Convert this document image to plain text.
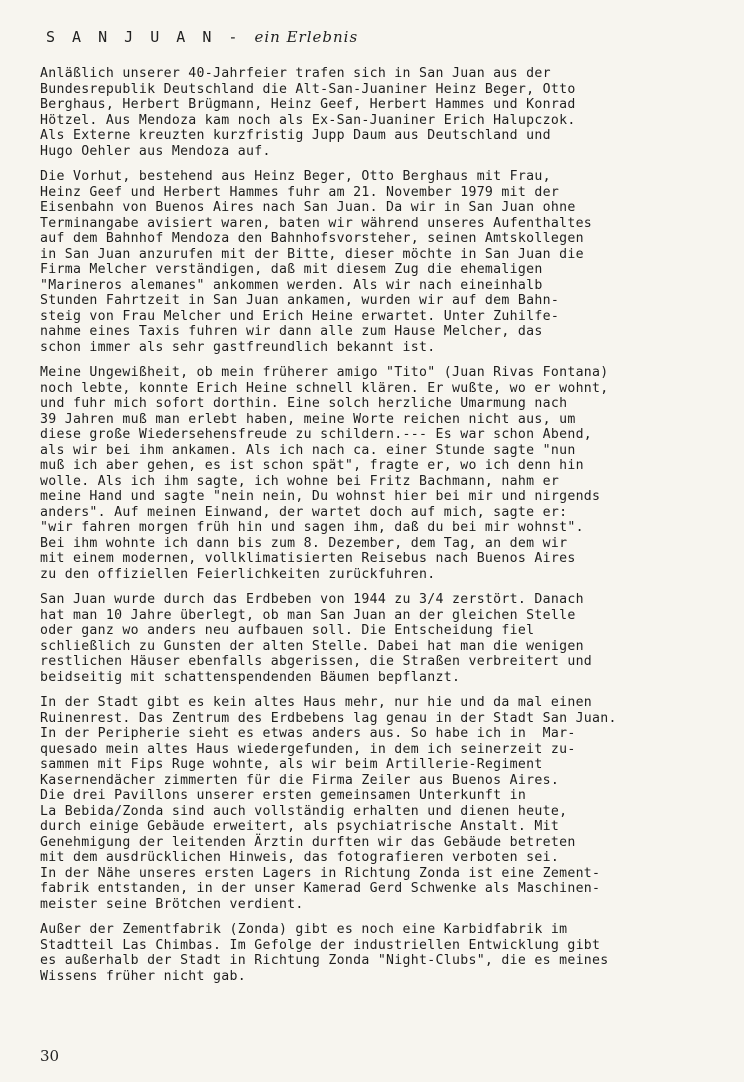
S A N J U A N - ein Erlebnis
Anläßlich unserer 40-Jahrfeier trafen sich in San Juan aus der
Bundesrepublik Deutschland die Alt-San-Juaniner Heinz Beger, Otto
Berghaus, Herbert Brügmann, Heinz Geef, Herbert Hammes und Konrad
Hötzel. Aus Mendoza kam noch als Ex-San-Juaniner Erich Halupczok.
Als Externe kreuzten kurzfristig Jupp Daum aus Deutschland und
Hugo Oehler aus Mendoza auf.
Die Vorhut, bestehend aus Heinz Beger, Otto Berghaus mit Frau,
Heinz Geef und Herbert Hammes fuhr am 21. November 1979 mit der
Eisenbahn von Buenos Aires nach San Juan. Da wir in San Juan ohne
Terminangabe avisiert waren, baten wir während unseres Aufenthaltes
auf dem Bahnhof Mendoza den Bahnhofsvorsteher, seinen Amtskollegen
in San Juan anzurufen mit der Bitte, dieser möchte in San Juan die
Firma Melcher verständigen, daß mit diesem Zug die ehemaligen
"Marineros alemanes" ankommen werden. Als wir nach eineinhalb
Stunden Fahrtzeit in San Juan ankamen, wurden wir auf dem Bahn-
steig von Frau Melcher und Erich Heine erwartet. Unter Zuhilfe-
nahme eines Taxis fuhren wir dann alle zum Hause Melcher, das
schon immer als sehr gastfreundlich bekannt ist.
Meine Ungewißheit, ob mein früherer amigo "Tito" (Juan Rivas Fontana)
noch lebte, konnte Erich Heine schnell klären. Er wußte, wo er wohnt,
und fuhr mich sofort dorthin. Eine solch herzliche Umarmung nach
39 Jahren muß man erlebt haben, meine Worte reichen nicht aus, um
diese große Wiedersehensfreude zu schildern.--- Es war schon Abend,
als wir bei ihm ankamen. Als ich nach ca. einer Stunde sagte "nun
muß ich aber gehen, es ist schon spät", fragte er, wo ich denn hin
wolle. Als ich ihm sagte, ich wohne bei Fritz Bachmann, nahm er
meine Hand und sagte "nein nein, Du wohnst hier bei mir und nirgends
anders". Auf meinen Einwand, der wartet doch auf mich, sagte er:
"wir fahren morgen früh hin und sagen ihm, daß du bei mir wohnst".
Bei ihm wohnte ich dann bis zum 8. Dezember, dem Tag, an dem wir
mit einem modernen, vollklimatisierten Reisebus nach Buenos Aires
zu den offiziellen Feierlichkeiten zurückfuhren.
San Juan wurde durch das Erdbeben von 1944 zu 3/4 zerstört. Danach
hat man 10 Jahre überlegt, ob man San Juan an der gleichen Stelle
oder ganz wo anders neu aufbauen soll. Die Entscheidung fiel
schließlich zu Gunsten der alten Stelle. Dabei hat man die wenigen
restlichen Häuser ebenfalls abgerissen, die Straßen verbreitert und
beidseitig mit schattenspendenden Bäumen bepflanzt.
In der Stadt gibt es kein altes Haus mehr, nur hie und da mal einen
Ruinenrest. Das Zentrum des Erdbebens lag genau in der Stadt San Juan.
In der Peripherie sieht es etwas anders aus. So habe ich in  Mar-
quesado mein altes Haus wiedergefunden, in dem ich seinerzeit zu-
sammen mit Fips Ruge wohnte, als wir beim Artillerie-Regiment
Kasernendächer zimmerten für die Firma Zeiler aus Buenos Aires.
Die drei Pavillons unserer ersten gemeinsamen Unterkunft in
La Bebida/Zonda sind auch vollständig erhalten und dienen heute,
durch einige Gebäude erweitert, als psychiatrische Anstalt. Mit
Genehmigung der leitenden Ärztin durften wir das Gebäude betreten
mit dem ausdrücklichen Hinweis, das fotografieren verboten sei.
In der Nähe unseres ersten Lagers in Richtung Zonda ist eine Zement-
fabrik entstanden, in der unser Kamerad Gerd Schwenke als Maschinen-
meister seine Brötchen verdient.
Außer der Zementfabrik (Zonda) gibt es noch eine Karbidfabrik im
Stadtteil Las Chimbas. Im Gefolge der industriellen Entwicklung gibt
es außerhalb der Stadt in Richtung Zonda "Night-Clubs", die es meines
Wissens früher nicht gab.
30
